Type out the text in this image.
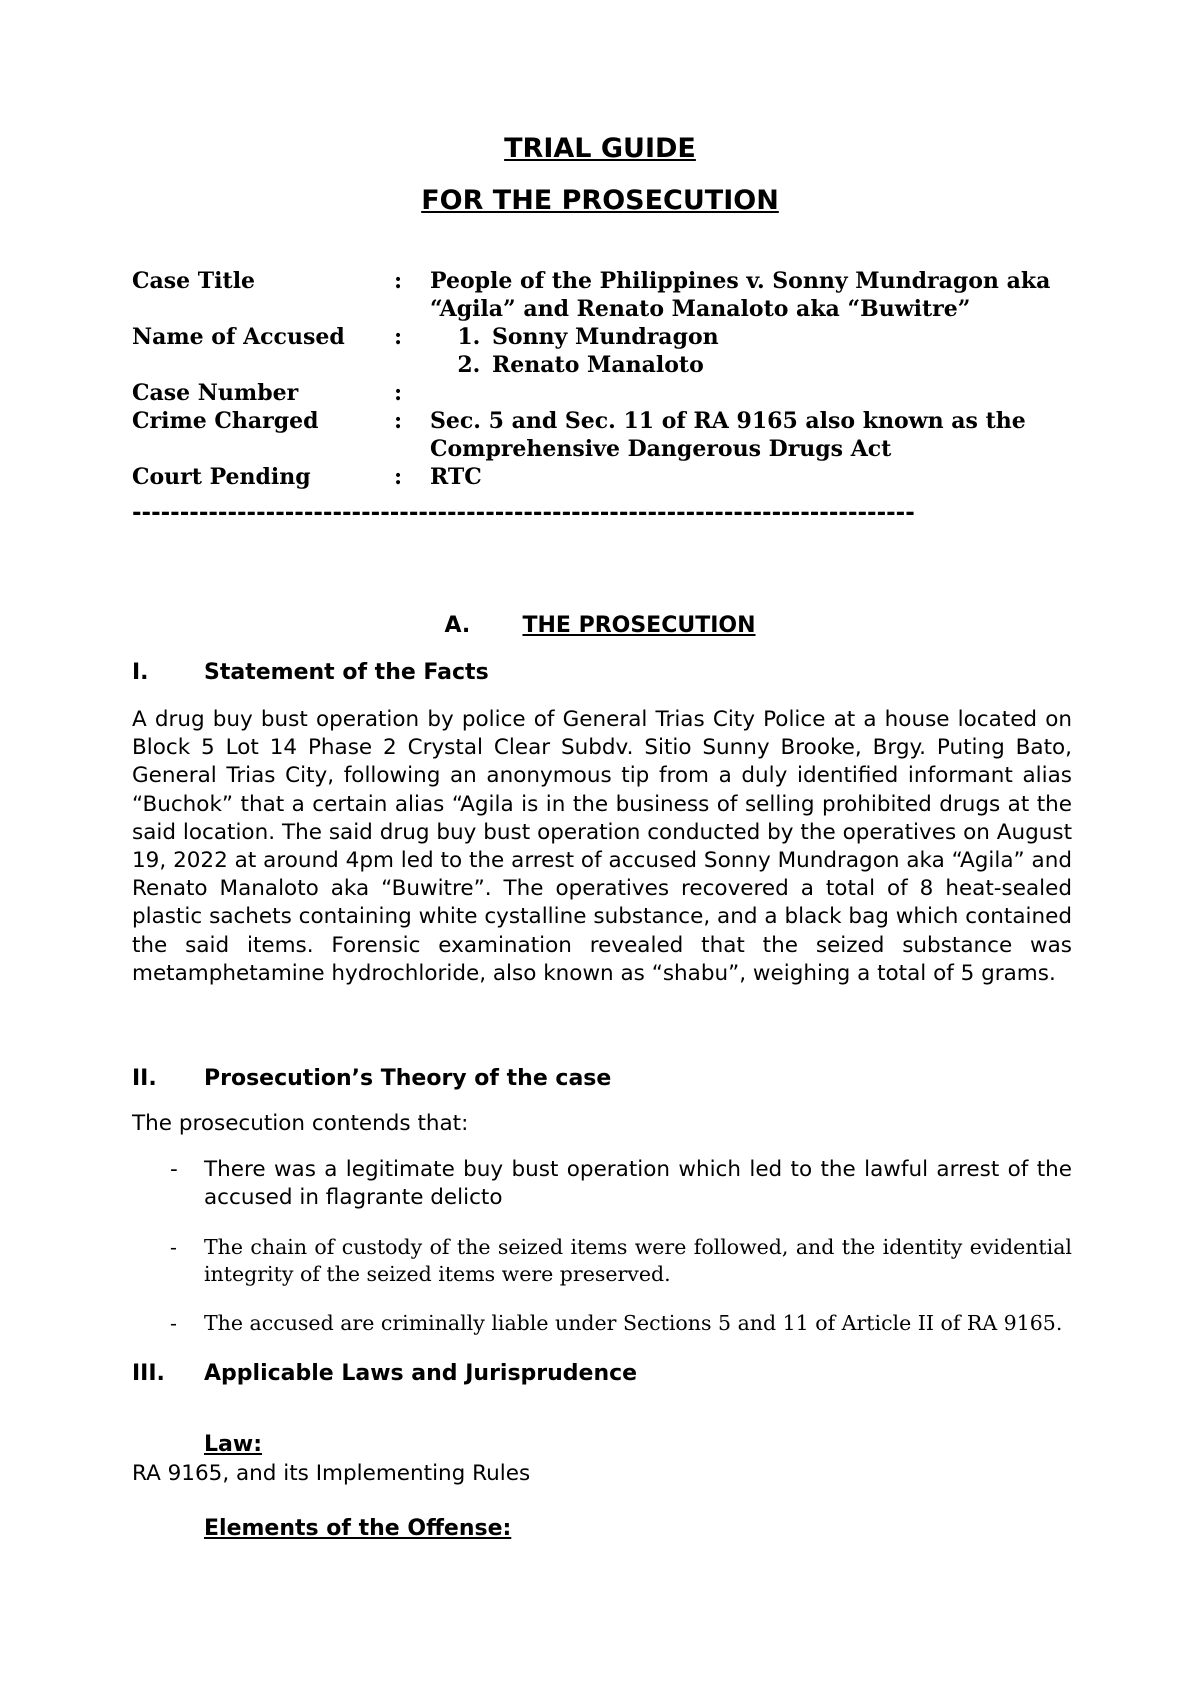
TRIAL GUIDE
FOR THE PROSECUTION
Case Title	:	People of the Philippines v. Sonny Mundragon aka “Agila” and Renato Manaloto aka “Buwitre”
Name of Accused	:
1.	Sonny Mundragon
2. Renato Manaloto
Case Number	:
Crime Charged	:	Sec. 5 and Sec. 11 of RA 9165 also known as the Comprehensive Dangerous Drugs Act
Court Pending	:	RTC
----------------------------------------------------------------------------------
A. THE PROSECUTION
I.	Statement of the Facts

A drug buy bust operation by police of General Trias City Police at a house located on Block 5 Lot 14 Phase 2 Crystal Clear Subdv. Sitio Sunny Brooke, Brgy. Puting Bato, General Trias City, following an anonymous tip from a duly identified informant alias “Buchok” that a certain alias “Agila is in the business of selling prohibited drugs at the said location. The said drug buy bust operation conducted by the operatives on August 19, 2022 at around 4pm led to the arrest of accused Sonny Mundragon aka “Agila” and Renato Manaloto aka “Buwitre”. The operatives recovered a total of 8 heat-sealed plastic sachets containing white cystalline substance, and a black bag which contained the said items. Forensic examination revealed that the seized substance was metamphetamine hydrochloride, also known as “shabu”, weighing a total of 5 grams.

II.	Prosecution’s Theory of the case

The prosecution contends that:

-	There was a legitimate buy bust operation which led to the lawful arrest of the accused in flagrante delicto
-	The chain of custody of the seized items were followed, and the identity evidential integrity of the seized items were preserved.
-	The accused are criminally liable under Sections 5 and 11 of Article II of RA 9165.
III.	Applicable Laws and Jurisprudence
Law:
RA 9165, and its Implementing Rules
Elements of the Offense:
